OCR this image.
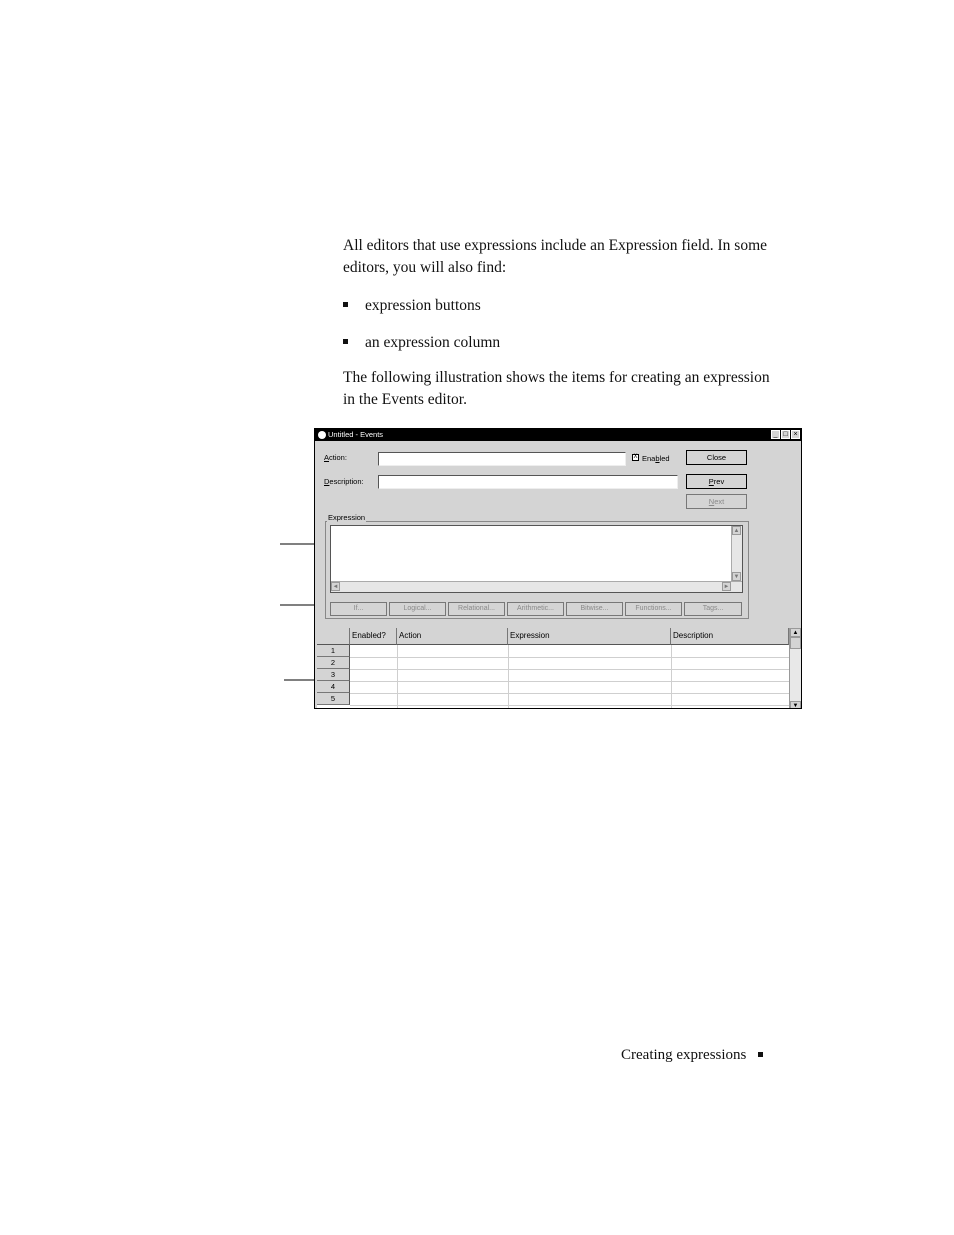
All editors that use expressions include an Expression field. In some
editors, you will also find:

expression buttons
an expression column

The following illustration shows the items for creating an expression
in the Events editor.

Untitled - Events	_ □ ×
Action:	X Enabled	Close
Description:	Prev
Next
Expression
▲
▼
◄	►
If...	Logical...	Relational...	Arithmetic...	Bitwise...	Functions...	Tags...
Enabled?	Action	Expression	Description
1
2
3
4
5
▲
▼
Creating expressions
